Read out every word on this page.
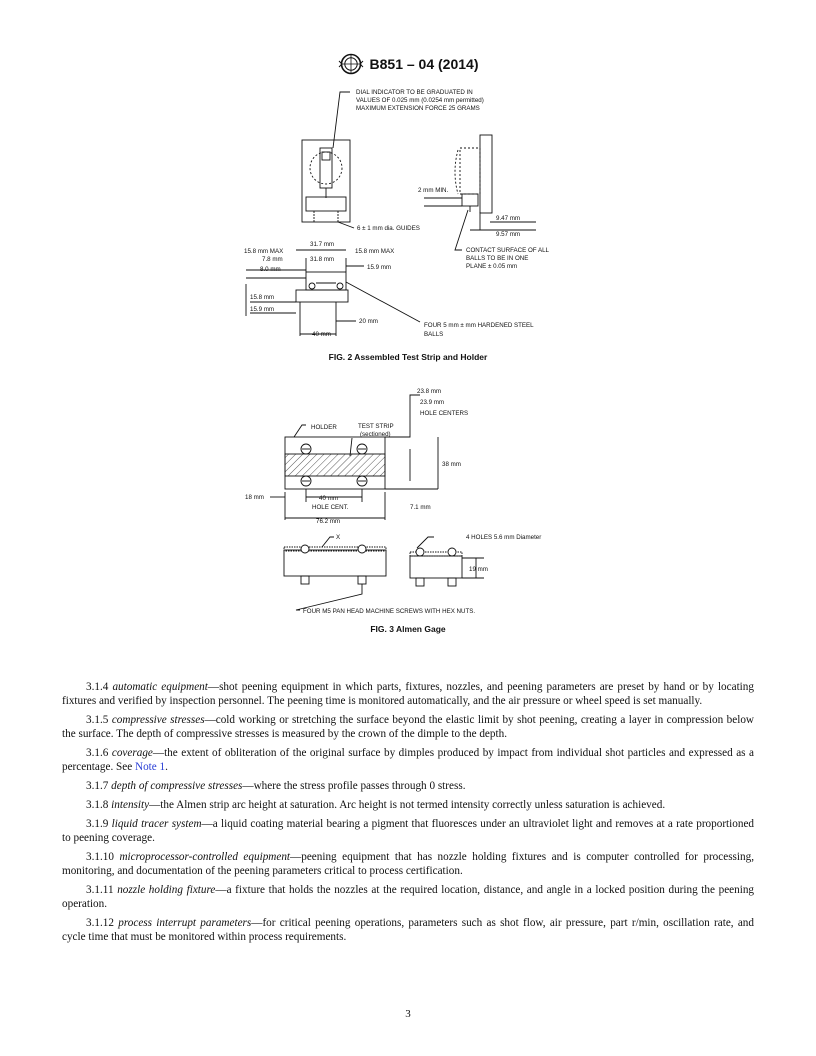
B851 – 04 (2014)
DIAL INDICATOR TO BE GRADUATED IN
VALUES OF 0.025 mm (0.0254 mm permitted)
MAXIMUM EXTENSION FORCE 25 GRAMS
6 ± 1 mm dia. GUIDES
2 mm MIN.
9.47 mm
9.57 mm
CONTACT SURFACE OF ALL
BALLS TO BE IN ONE
PLANE ± 0.05 mm
15.8 mm MAX
31.7 mm
15.8 mm MAX
7.8 mm	31.8 mm
8.0 mm	15.9 mm
15.8 mm
15.9 mm
20 mm
40 mm
FOUR 5 mm ± mm HARDENED STEEL
BALLS
FIG. 2 Assembled Test Strip and Holder
23.8 mm
23.9 mm
HOLE CENTERS
HOLDER	TEST STRIP
(sectioned)
38 mm
18 mm	40 mm
HOLE CENT.	7.1 mm
76.2 mm
X	4 HOLES 5.6 mm Diameter
19 mm
FOUR M5 PAN HEAD MACHINE SCREWS WITH HEX NUTS.
FIG. 3 Almen Gage

3.1.4 automatic equipment—shot peening equipment in which parts, fixtures, nozzles, and peening parameters are preset by hand or by locating fixtures and verified by inspection personnel. The peening time is monitored automatically, and the air pressure or wheel speed is set manually.

3.1.5 compressive stresses—cold working or stretching the surface beyond the elastic limit by shot peening, creating a layer in compression below the surface. The depth of compressive stresses is measured by the crown of the dimple to the depth.

3.1.6 coverage—the extent of obliteration of the original surface by dimples produced by impact from individual shot particles and expressed as a percentage. See Note 1.

3.1.7 depth of compressive stresses—where the stress profile passes through 0 stress.

3.1.8 intensity—the Almen strip arc height at saturation. Arc height is not termed intensity correctly unless saturation is achieved.

3.1.9 liquid tracer system—a liquid coating material bearing a pigment that fluoresces under an ultraviolet light and removes at a rate proportioned to peening coverage.

3.1.10 microprocessor-controlled equipment—peening equipment that has nozzle holding fixtures and is computer controlled for processing, monitoring, and documentation of the peening parameters critical to process certification.

3.1.11 nozzle holding fixture—a fixture that holds the nozzles at the required location, distance, and angle in a locked position during the peening operation.

3.1.12 process interrupt parameters—for critical peening operations, parameters such as shot flow, air pressure, part r/min, oscillation rate, and cycle time that must be monitored within process requirements.

3
